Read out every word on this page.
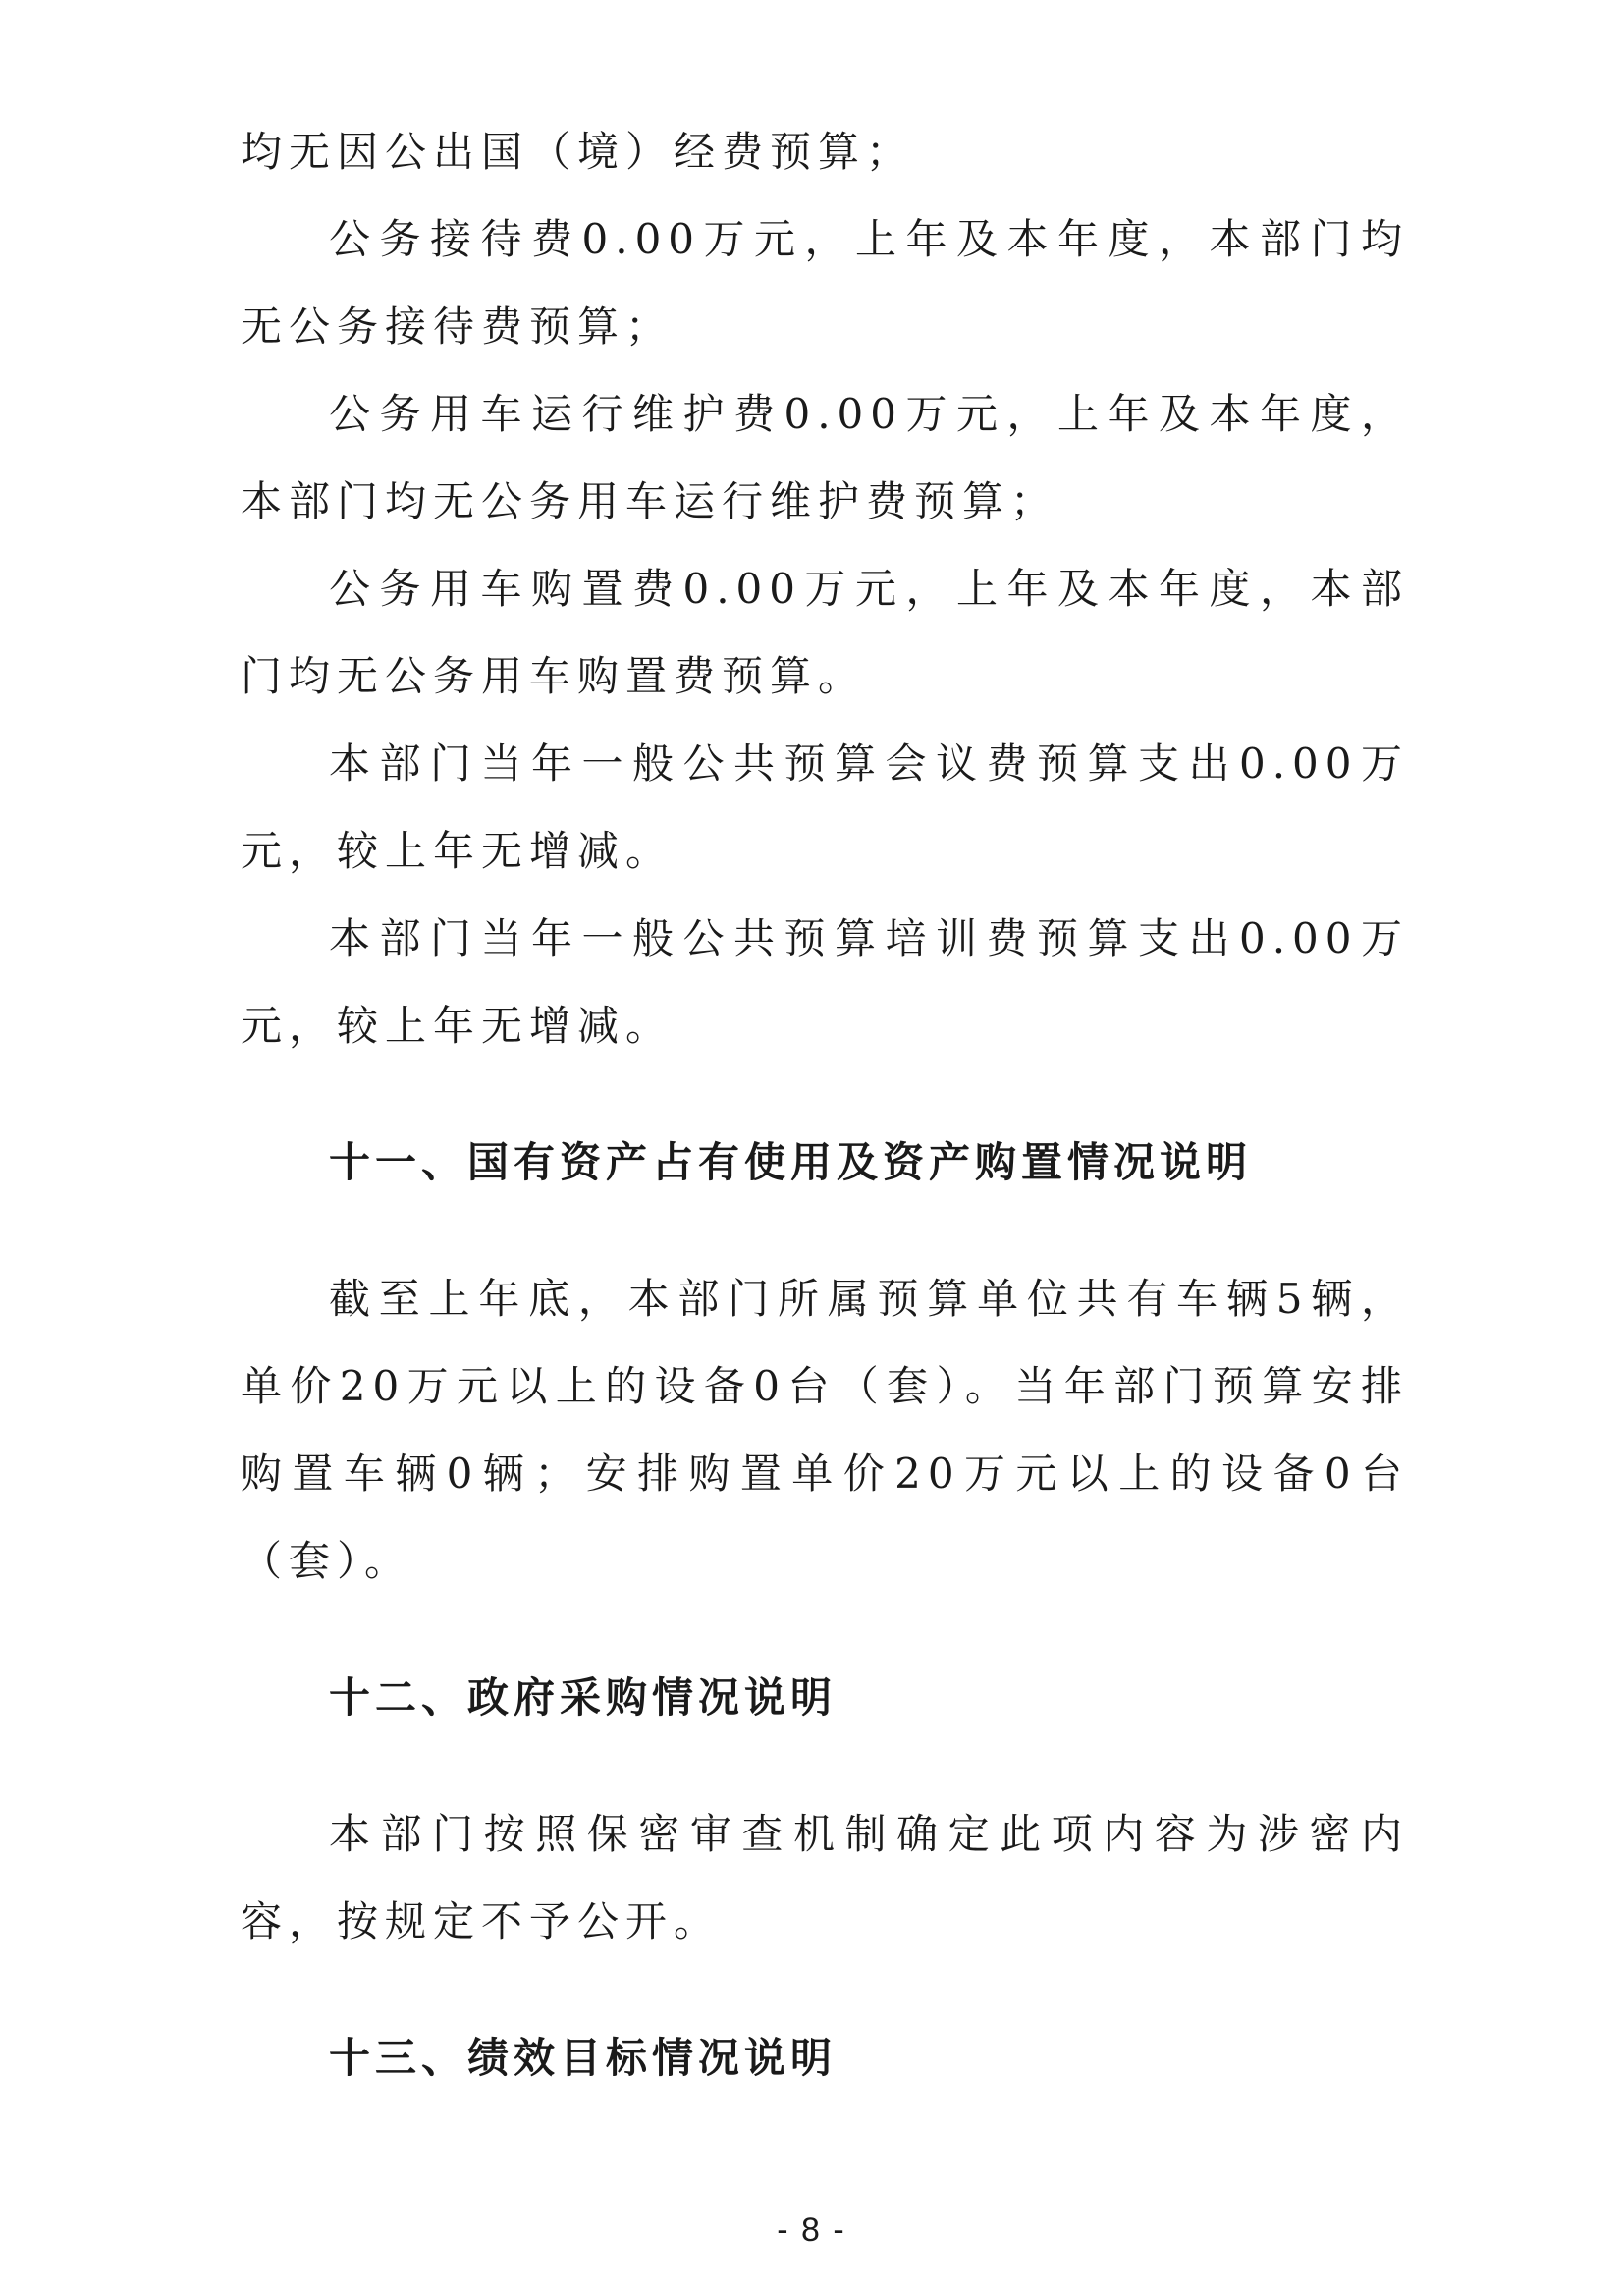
均无因公出国（境）经费预算；

公务接待费0.00万元，上年及本年度，本部门均无公务接待费预算；

公务用车运行维护费0.00万元，上年及本年度，本部门均无公务用车运行维护费预算；

公务用车购置费0.00万元，上年及本年度，本部门均无公务用车购置费预算。

本部门当年一般公共预算会议费预算支出0.00万元，较上年无增减。

本部门当年一般公共预算培训费预算支出0.00万元，较上年无增减。

十一、国有资产占有使用及资产购置情况说明

截至上年底，本部门所属预算单位共有车辆5辆，单价20万元以上的设备0台（套）。当年部门预算安排购置车辆0辆；安排购置单价20万元以上的设备0台（套）。

十二、政府采购情况说明

本部门按照保密审查机制确定此项内容为涉密内容，按规定不予公开。

十三、绩效目标情况说明
- 8 -
